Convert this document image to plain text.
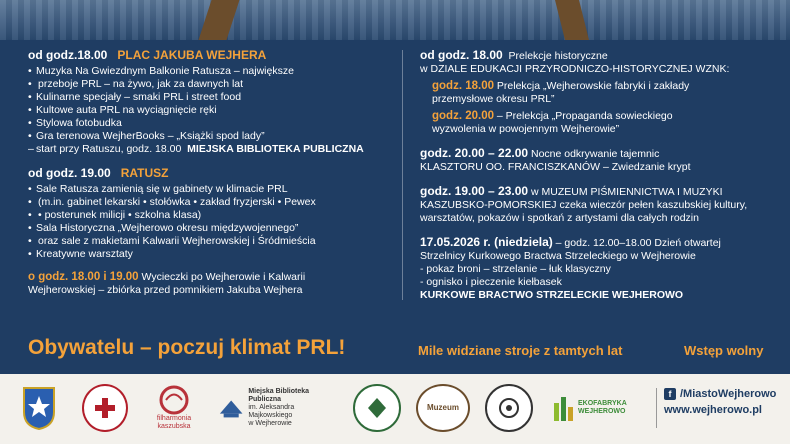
od godz.18.00 PLAC JAKUBA WEJHERA
• Muzyka Na Gwiezdnym Balkonie Ratusza – największe
• przeboje PRL – na żywo, jak za dawnych lat
• Kulinarne specjały – smaki PRL i street food
• Kultowe auta PRL na wyciągnięcie ręki
• Stylowa fotobudka
• Gra terenowa WejherBooks – „Książki spod lady”
– start przy Ratuszu, godz. 18.00 MIEJSKA BIBLIOTEKA PUBLICZNA
od godz. 19.00 RATUSZ
• Sale Ratusza zamienią się w gabinety w klimacie PRL
• (m.in. gabinet lekarski • stołówka • zakład fryzjerski • Pewex
• • posterunek milicji • szkolna klasa)
• Sala Historyczna „Wejherowo okresu międzywojennego”
• oraz sale z makietami Kalwarii Wejherowskiej i Śródmieścia
• Kreatywne warsztaty
o godz. 18.00 i 19.00 Wycieczki po Wejherowie i Kalwarii
Wejherowskiej – zbiórka przed pomnikiem Jakuba Wejhera
od godz. 18.00 Prelekcje historyczne
w DZIALE EDUKACJI PRZYRODNICZO-HISTORYCZNEJ WZNK:
godz. 18.00 Prelekcja „Wejherowskie fabryki i zakłady
przemysłowe okresu PRL”
godz. 20.00 – Prelekcja „Propaganda sowieckiego
wyzwolenia w powojennym Wejherowie”
godz. 20.00 – 22.00 Nocne odkrywanie tajemnic
KLASZTORU OO. FRANCISZKANÓW – Zwiedzanie krypt
godz. 19.00 – 23.00 w MUZEUM PIŚMIENNICTWA I MUZYKI
KASZUBSKO-POMORSKIEJ czeka wieczór pełen kaszubskiej kultury,
warsztatów, pokazów i spotkań z artystami dla całych rodzin
17.05.2026 r. (niedziela) – godz. 12.00–18.00 Dzień otwartej
Strzelnicy Kurkowego Bractwa Strzeleckiego w Wejherowie
- pokaz broni – strzelanie – łuk klasyczny
- ognisko i pieczenie kiełbasek
KURKOWE BRACTWO STRZELECKIE WEJHEROWO
Obywatelu – poczuj klimat PRL!	Mile widziane stroje z tamtych lat	Wstęp wolny
filharmonia kaszubska
Miejska Biblioteka Publiczna
im. Aleksandra Majkowskiego
w Wejherowie
Muzeum	EKOFABRYKA WEJHEROWO
f /MiastoWejherowo
www.wejherowo.pl
